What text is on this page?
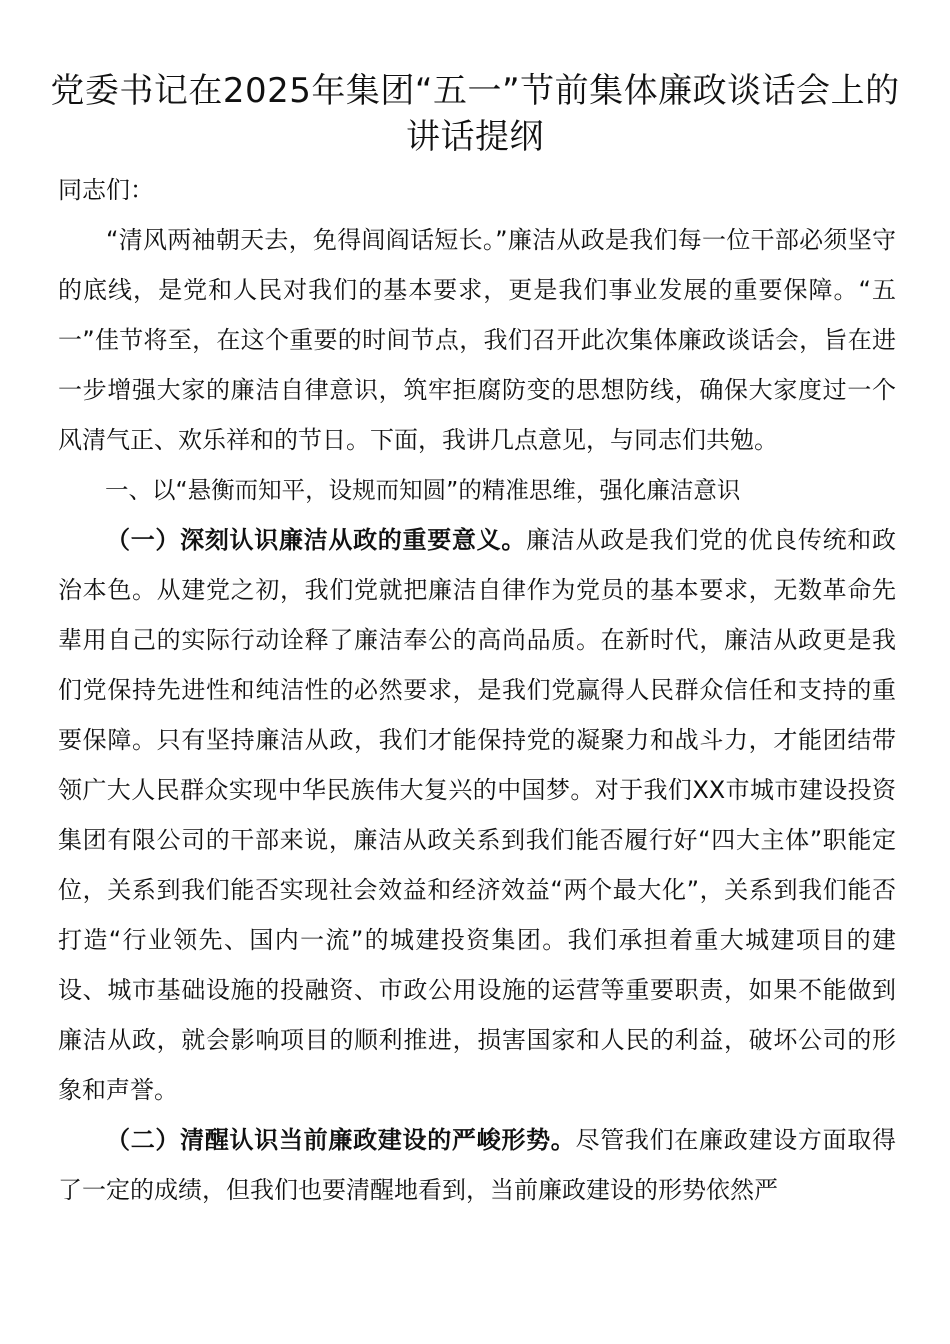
党委书记在2025年集团“五一”节前集体廉政谈话会上的讲话提纲

同志们：

“清风两袖朝天去，免得闾阎话短长。”廉洁从政是我们每一位干部必须坚守的底线，是党和人民对我们的基本要求，更是我们事业发展的重要保障。“五一”佳节将至，在这个重要的时间节点，我们召开此次集体廉政谈话会，旨在进一步增强大家的廉洁自律意识，筑牢拒腐防变的思想防线，确保大家度过一个风清气正、欢乐祥和的节日。下面，我讲几点意见，与同志们共勉。

一、以“悬衡而知平，设规而知圆”的精准思维，强化廉洁意识

（一）深刻认识廉洁从政的重要意义。廉洁从政是我们党的优良传统和政治本色。从建党之初，我们党就把廉洁自律作为党员的基本要求，无数革命先辈用自己的实际行动诠释了廉洁奉公的高尚品质。在新时代，廉洁从政更是我们党保持先进性和纯洁性的必然要求，是我们党赢得人民群众信任和支持的重要保障。只有坚持廉洁从政，我们才能保持党的凝聚力和战斗力，才能团结带领广大人民群众实现中华民族伟大复兴的中国梦。对于我们XX市城市建设投资集团有限公司的干部来说，廉洁从政关系到我们能否履行好“四大主体”职能定位，关系到我们能否实现社会效益和经济效益“两个最大化”，关系到我们能否打造“行业领先、国内一流”的城建投资集团。我们承担着重大城建项目的建设、城市基础设施的投融资、市政公用设施的运营等重要职责，如果不能做到廉洁从政，就会影响项目的顺利推进，损害国家和人民的利益，破坏公司的形象和声誉。

（二）清醒认识当前廉政建设的严峻形势。尽管我们在廉政建设方面取得了一定的成绩，但我们也要清醒地看到，当前廉政建设的形势依然严
